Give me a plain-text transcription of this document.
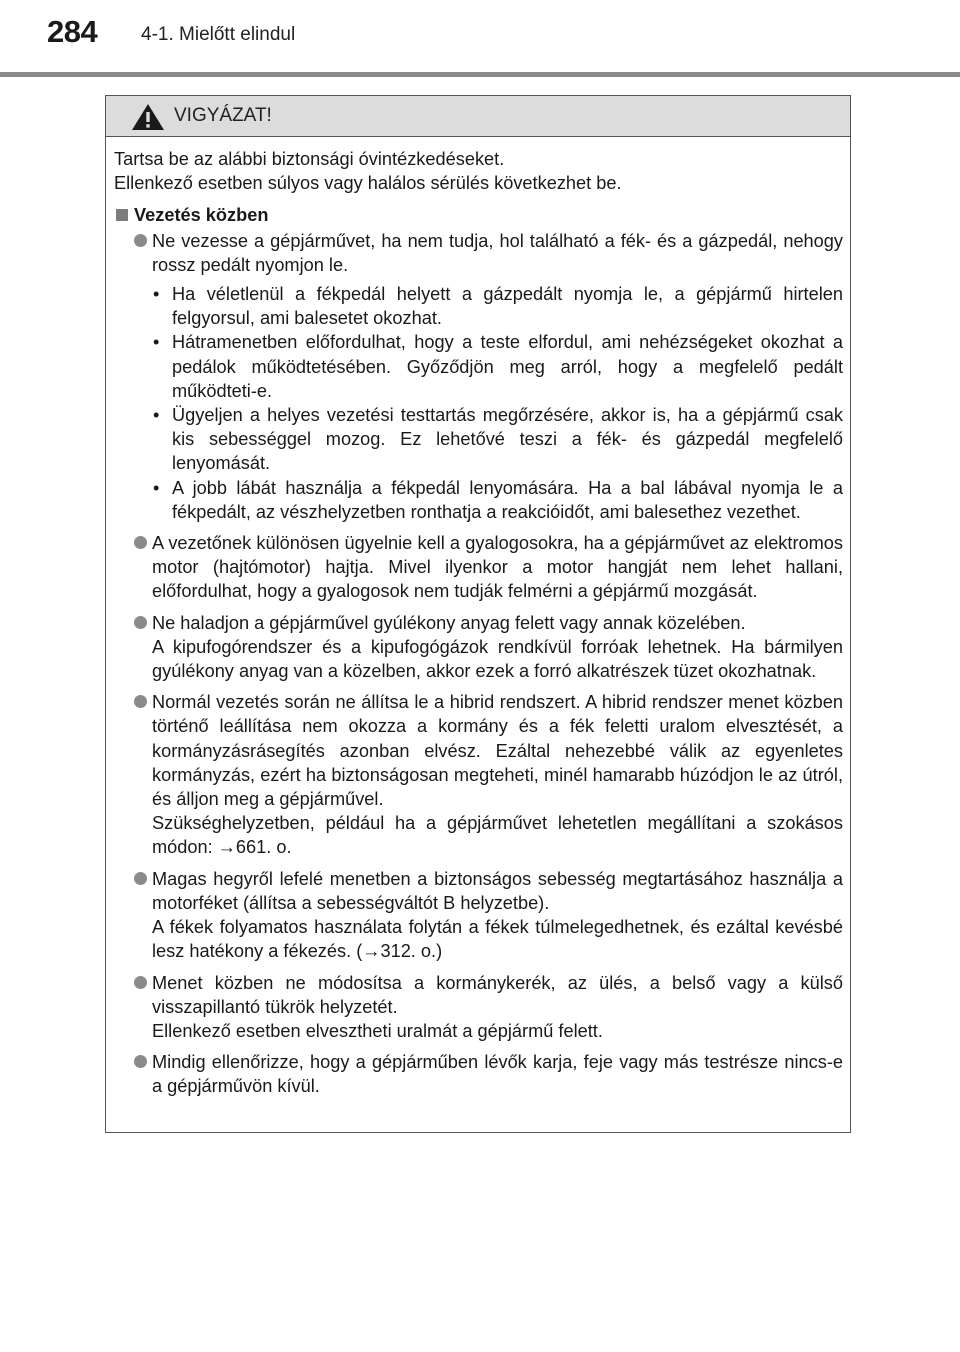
284 4-1. Mielőtt elindul
VIGYÁZAT!
Tartsa be az alábbi biztonsági óvintézkedéseket.
Ellenkező esetben súlyos vagy halálos sérülés következhet be.
Vezetés közben
Ne vezesse a gépjárművet, ha nem tudja, hol található a fék- és a gázpedál, nehogy rossz pedált nyomjon le.
• Ha véletlenül a fékpedál helyett a gázpedált nyomja le, a gépjármű hirtelen felgyorsul, ami balesetet okozhat.
• Hátramenetben előfordulhat, hogy a teste elfordul, ami nehézségeket okozhat a pedálok működtetésében. Győződjön meg arról, hogy a megfelelő pedált működteti-e.
• Ügyeljen a helyes vezetési testtartás megőrzésére, akkor is, ha a gépjármű csak kis sebességgel mozog. Ez lehetővé teszi a fék- és gázpedál megfelelő lenyomását.
• A jobb lábát használja a fékpedál lenyomására. Ha a bal lábával nyomja le a fékpedált, az vészhelyzetben ronthatja a reakcióidőt, ami balesethez vezethet.
A vezetőnek különösen ügyelnie kell a gyalogosokra, ha a gépjárművet az elektromos motor (hajtómotor) hajtja. Mivel ilyenkor a motor hangját nem lehet hallani, előfordulhat, hogy a gyalogosok nem tudják felmérni a gépjármű mozgását.
Ne haladjon a gépjárművel gyúlékony anyag felett vagy annak közelében.
A kipufogórendszer és a kipufogógázok rendkívül forróak lehetnek. Ha bármilyen gyúlékony anyag van a közelben, akkor ezek a forró alkatrészek tüzet okozhatnak.
Normál vezetés során ne állítsa le a hibrid rendszert. A hibrid rendszer menet közben történő leállítása nem okozza a kormány és a fék feletti uralom elvesztését, a kormányzásrásegítés azonban elvész. Ezáltal nehezebbé válik az egyenletes kormányzás, ezért ha biztonságosan megteheti, minél hamarabb húzódjon le az útról, és álljon meg a gépjárművel.
Szükséghelyzetben, például ha a gépjárművet lehetetlen megállítani a szokásos módon: →661. o.
Magas hegyről lefelé menetben a biztonságos sebesség megtartásához használja a motorféket (állítsa a sebességváltót B helyzetbe).
A fékek folyamatos használata folytán a fékek túlmelegedhetnek, és ezáltal kevésbé lesz hatékony a fékezés. (→312. o.)
Menet közben ne módosítsa a kormánykerék, az ülés, a belső vagy a külső visszapillantó tükrök helyzetét.
Ellenkező esetben elvesztheti uralmát a gépjármű felett.
Mindig ellenőrizze, hogy a gépjárműben lévők karja, feje vagy más testrésze nincs-e a gépjárművön kívül.
